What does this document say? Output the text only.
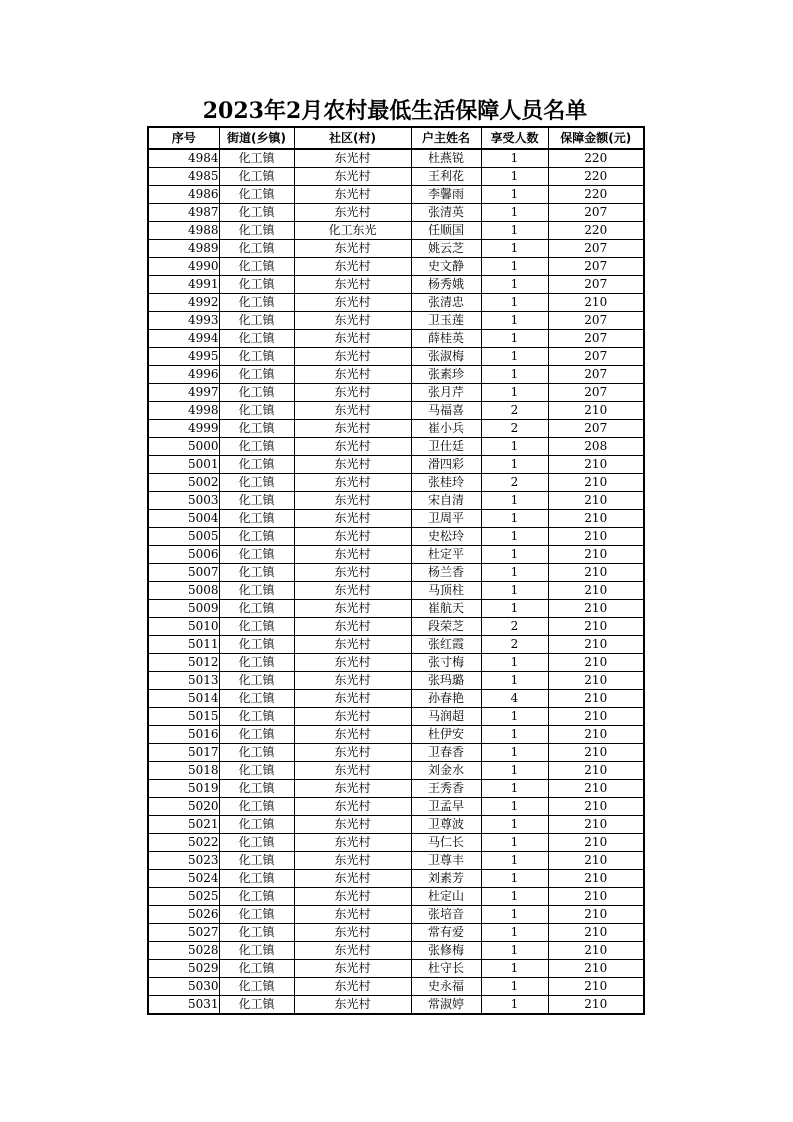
2023年2月农村最低生活保障人员名单
序号	街道(乡镇)	社区(村)	户主姓名	享受人数	保障金额(元)
4984	化工镇	东光村	杜燕锐	1	220
4985	化工镇	东光村	王利花	1	220
4986	化工镇	东光村	李馨雨	1	220
4987	化工镇	东光村	张清英	1	207
4988	化工镇	化工东光	任顺国	1	220
4989	化工镇	东光村	姚云芝	1	207
4990	化工镇	东光村	史文静	1	207
4991	化工镇	东光村	杨秀娥	1	207
4992	化工镇	东光村	张清忠	1	210
4993	化工镇	东光村	卫玉莲	1	207
4994	化工镇	东光村	薛桂英	1	207
4995	化工镇	东光村	张淑梅	1	207
4996	化工镇	东光村	张素珍	1	207
4997	化工镇	东光村	张月芹	1	207
4998	化工镇	东光村	马福喜	2	210
4999	化工镇	东光村	崔小兵	2	207
5000	化工镇	东光村	卫仕廷	1	208
5001	化工镇	东光村	滑四彩	1	210
5002	化工镇	东光村	张桂玲	2	210
5003	化工镇	东光村	宋自清	1	210
5004	化工镇	东光村	卫周平	1	210
5005	化工镇	东光村	史松玲	1	210
5006	化工镇	东光村	杜定平	1	210
5007	化工镇	东光村	杨兰香	1	210
5008	化工镇	东光村	马顶柱	1	210
5009	化工镇	东光村	崔航天	1	210
5010	化工镇	东光村	段荣芝	2	210
5011	化工镇	东光村	张红霞	2	210
5012	化工镇	东光村	张寸梅	1	210
5013	化工镇	东光村	张玛璐	1	210
5014	化工镇	东光村	孙春艳	4	210
5015	化工镇	东光村	马润超	1	210
5016	化工镇	东光村	杜伊安	1	210
5017	化工镇	东光村	卫春香	1	210
5018	化工镇	东光村	刘金水	1	210
5019	化工镇	东光村	王秀香	1	210
5020	化工镇	东光村	卫孟早	1	210
5021	化工镇	东光村	卫尊波	1	210
5022	化工镇	东光村	马仁长	1	210
5023	化工镇	东光村	卫尊丰	1	210
5024	化工镇	东光村	刘素芳	1	210
5025	化工镇	东光村	杜定山	1	210
5026	化工镇	东光村	张培音	1	210
5027	化工镇	东光村	常有爱	1	210
5028	化工镇	东光村	张修梅	1	210
5029	化工镇	东光村	杜守长	1	210
5030	化工镇	东光村	史永福	1	210
5031	化工镇	东光村	常淑婷	1	210
